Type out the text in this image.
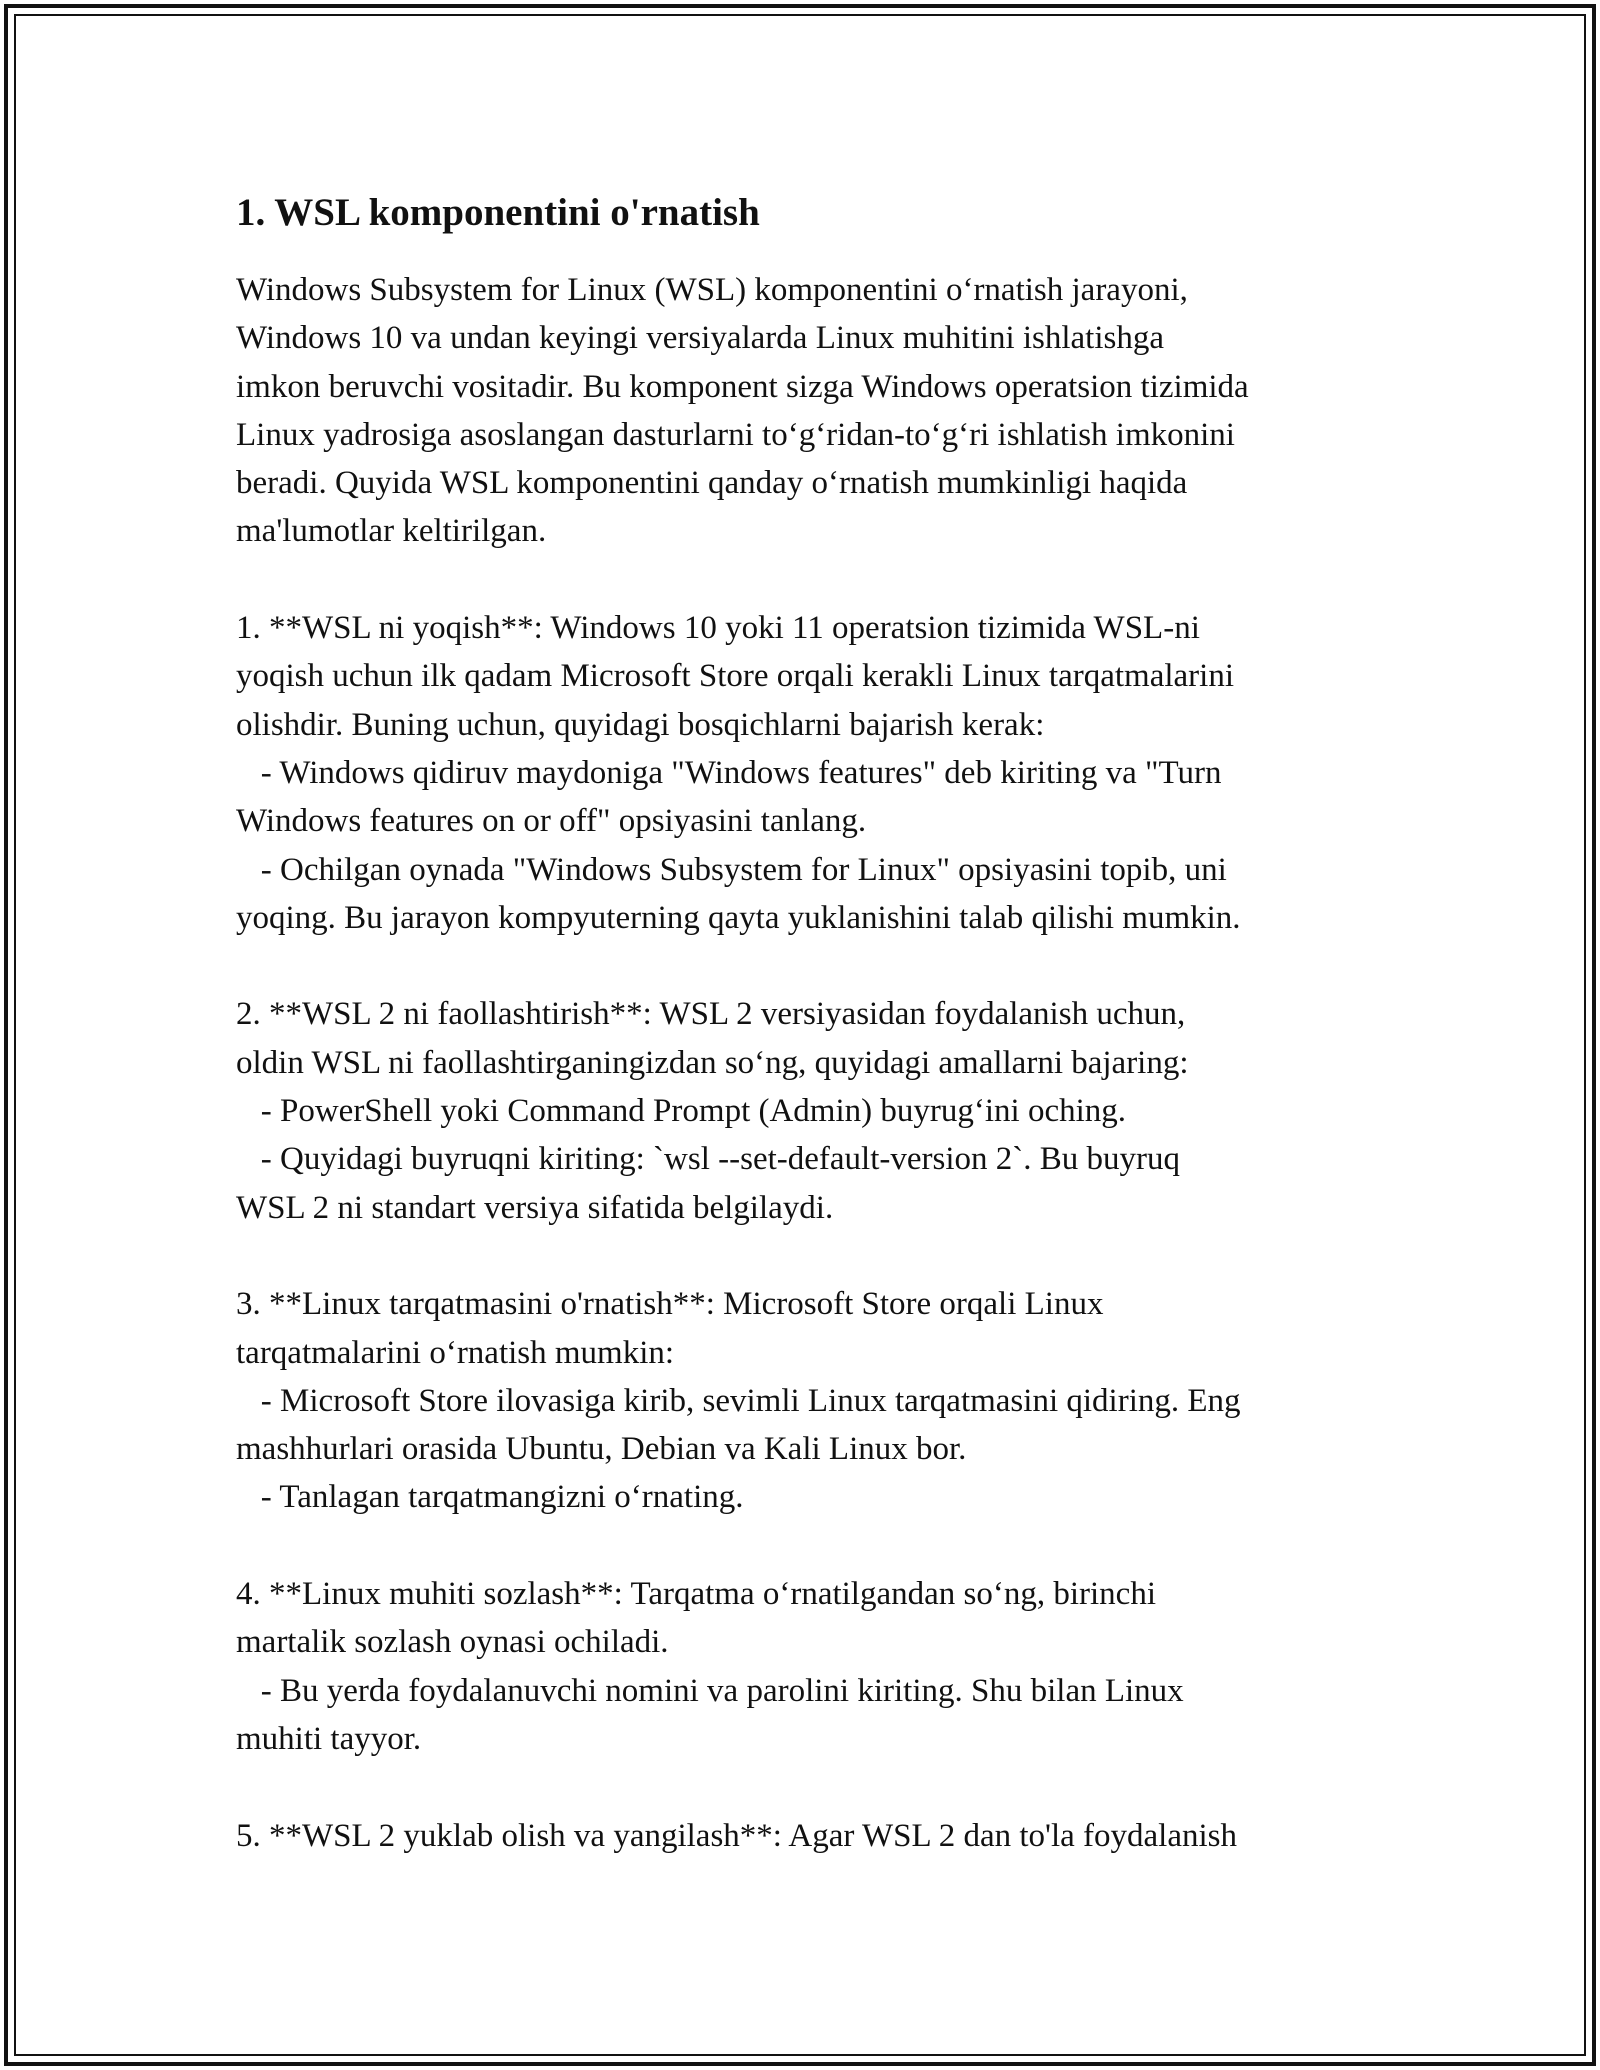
1. WSL komponentini o'rnatish
Windows Subsystem for Linux (WSL) komponentini o‘rnatish jarayoni,
Windows 10 va undan keyingi versiyalarda Linux muhitini ishlatishga
imkon beruvchi vositadir. Bu komponent sizga Windows operatsion tizimida
Linux yadrosiga asoslangan dasturlarni to‘g‘ridan-to‘g‘ri ishlatish imkonini
beradi. Quyida WSL komponentini qanday o‘rnatish mumkinligi haqida
ma'lumotlar keltirilgan.
1. **WSL ni yoqish**: Windows 10 yoki 11 operatsion tizimida WSL-ni
yoqish uchun ilk qadam Microsoft Store orqali kerakli Linux tarqatmalarini
olishdir. Buning uchun, quyidagi bosqichlarni bajarish kerak:
- Windows qidiruv maydoniga "Windows features" deb kiriting va "Turn
Windows features on or off" opsiyasini tanlang.
- Ochilgan oynada "Windows Subsystem for Linux" opsiyasini topib, uni
yoqing. Bu jarayon kompyuterning qayta yuklanishini talab qilishi mumkin.
2. **WSL 2 ni faollashtirish**: WSL 2 versiyasidan foydalanish uchun,
oldin WSL ni faollashtirganingizdan so‘ng, quyidagi amallarni bajaring:
- PowerShell yoki Command Prompt (Admin) buyrug‘ini oching.
- Quyidagi buyruqni kiriting: `wsl --set-default-version 2`. Bu buyruq
WSL 2 ni standart versiya sifatida belgilaydi.
3. **Linux tarqatmasini o'rnatish**: Microsoft Store orqali Linux
tarqatmalarini o‘rnatish mumkin:
- Microsoft Store ilovasiga kirib, sevimli Linux tarqatmasini qidiring. Eng
mashhurlari orasida Ubuntu, Debian va Kali Linux bor.
- Tanlagan tarqatmangizni o‘rnating.
4. **Linux muhiti sozlash**: Tarqatma o‘rnatilgandan so‘ng, birinchi
martalik sozlash oynasi ochiladi.
- Bu yerda foydalanuvchi nomini va parolini kiriting. Shu bilan Linux
muhiti tayyor.
5. **WSL 2 yuklab olish va yangilash**: Agar WSL 2 dan to'la foydalanish
